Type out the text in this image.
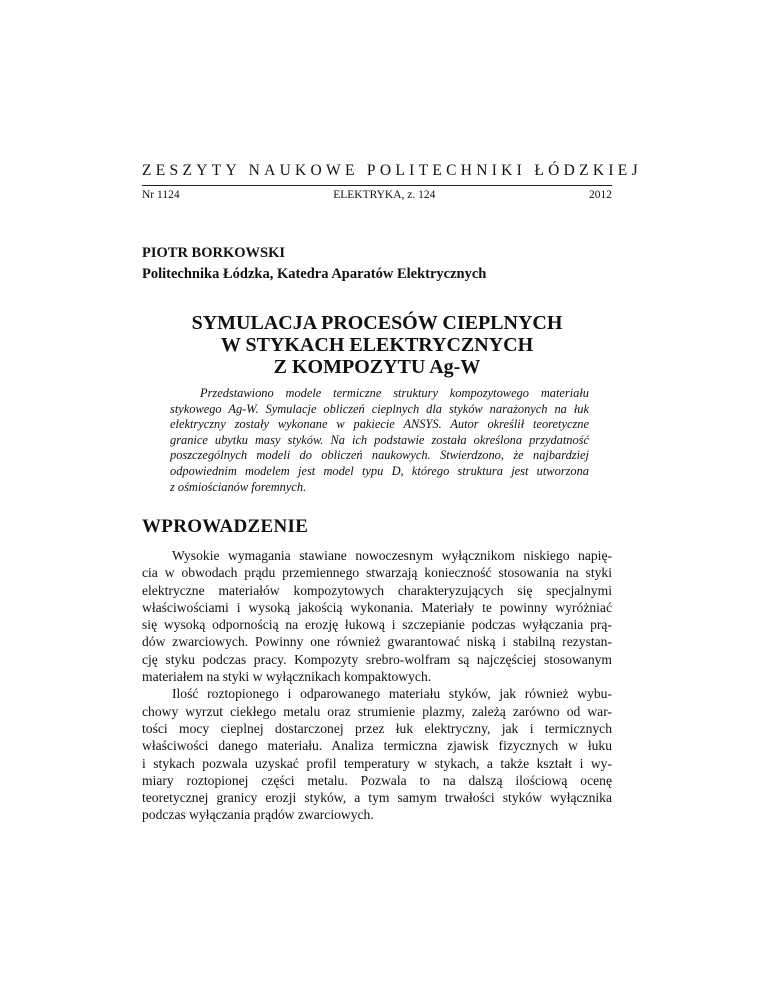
ZESZYTY NAUKOWE POLITECHNIKI ŁÓDZKIEJ
Nr 1124	ELEKTRYKA, z. 124	2012
PIOTR BORKOWSKI
Politechnika Łódzka, Katedra Aparatów Elektrycznych
SYMULACJA PROCESÓW CIEPLNYCH
W STYKACH ELEKTRYCZNYCH
Z KOMPOZYTU Ag-W
Przedstawiono modele termiczne struktury kompozytowego materiału
stykowego Ag-W. Symulacje obliczeń cieplnych dla styków narażonych na łuk
elektryczny zostały wykonane w pakiecie ANSYS. Autor określił teoretyczne
granice ubytku masy styków. Na ich podstawie została określona przydatność
poszczególnych modeli do obliczeń naukowych. Stwierdzono, że najbardziej
odpowiednim modelem jest model typu D, którego struktura jest utworzona
z ośmiościanów foremnych.
WPROWADZENIE
Wysokie wymagania stawiane nowoczesnym wyłącznikom niskiego napię-
cia w obwodach prądu przemiennego stwarzają konieczność stosowania na styki
elektryczne materiałów kompozytowych charakteryzujących się specjalnymi
właściwościami i wysoką jakością wykonania. Materiały te powinny wyróżniać
się wysoką odpornością na erozję łukową i szczepianie podczas wyłączania prą-
dów zwarciowych. Powinny one również gwarantować niską i stabilną rezystan-
cję styku podczas pracy. Kompozyty srebro-wolfram są najczęściej stosowanym
materiałem na styki w wyłącznikach kompaktowych.
Ilość roztopionego i odparowanego materiału styków, jak również wybu-
chowy wyrzut ciekłego metalu oraz strumienie plazmy, zależą zarówno od war-
tości mocy cieplnej dostarczonej przez łuk elektryczny, jak i termicznych
właściwości danego materiału. Analiza termiczna zjawisk fizycznych w łuku
i stykach pozwala uzyskać profil temperatury w stykach, a także kształt i wy-
miary roztopionej części metalu. Pozwala to na dalszą ilościową ocenę
teoretycznej granicy erozji styków, a tym samym trwałości styków wyłącznika
podczas wyłączania prądów zwarciowych.
